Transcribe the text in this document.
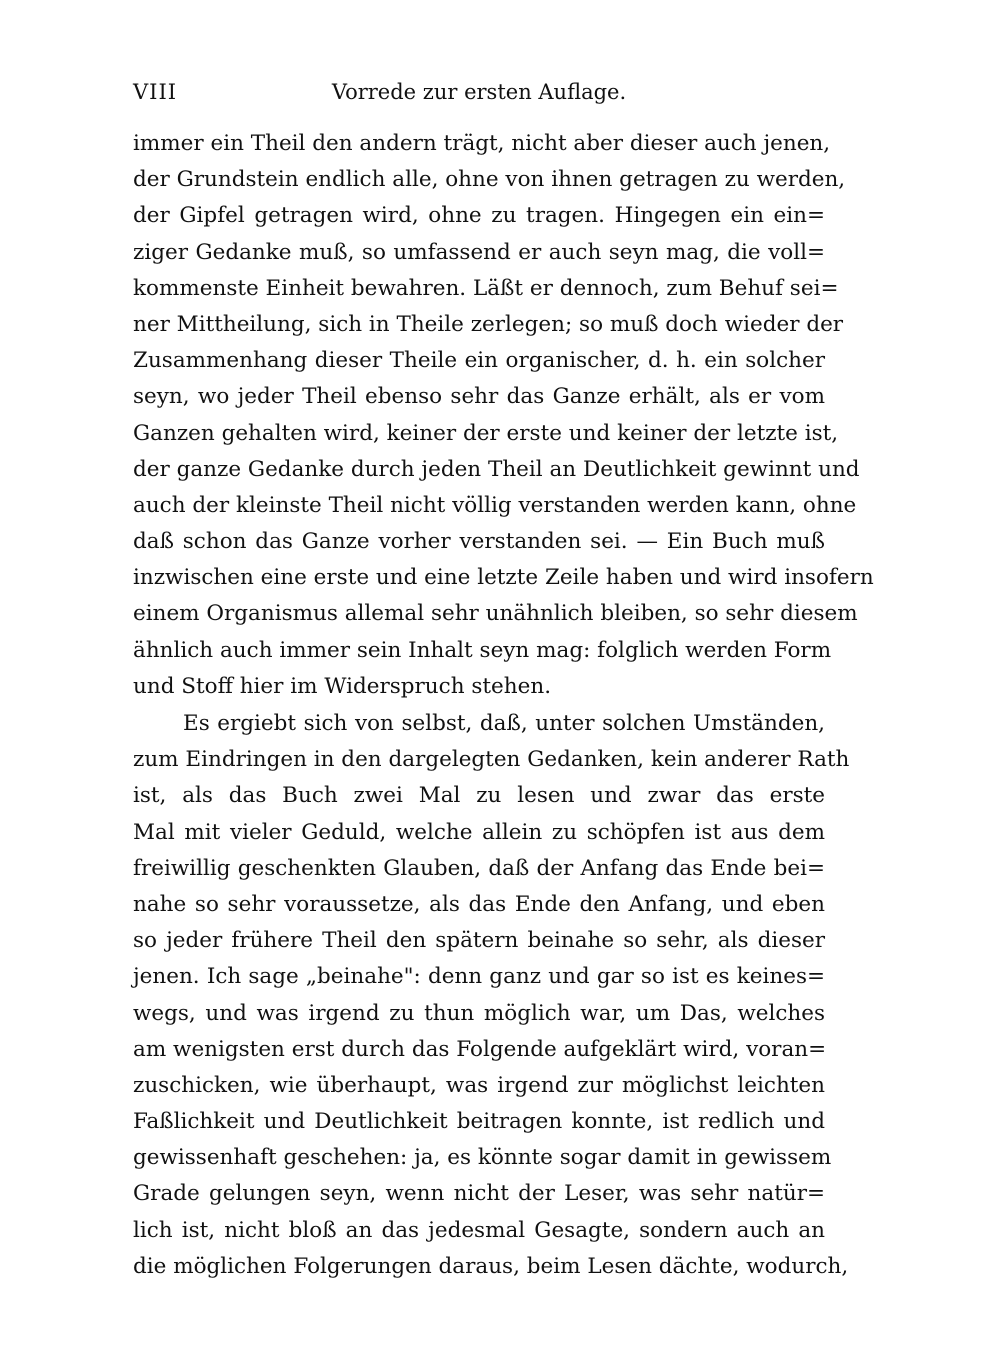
VIII	Vorrede zur ersten Auflage.
immer ein Theil den andern trägt, nicht aber dieser auch jenen,
der Grundstein endlich alle, ohne von ihnen getragen zu werden,
der Gipfel getragen wird, ohne zu tragen. Hingegen ein ein=
ziger Gedanke muß, so umfassend er auch seyn mag, die voll=
kommenste Einheit bewahren. Läßt er dennoch, zum Behuf sei=
ner Mittheilung, sich in Theile zerlegen; so muß doch wieder der
Zusammenhang dieser Theile ein organischer, d. h. ein solcher
seyn, wo jeder Theil ebenso sehr das Ganze erhält, als er vom
Ganzen gehalten wird, keiner der erste und keiner der letzte ist,
der ganze Gedanke durch jeden Theil an Deutlichkeit gewinnt und
auch der kleinste Theil nicht völlig verstanden werden kann, ohne
daß schon das Ganze vorher verstanden sei. — Ein Buch muß
inzwischen eine erste und eine letzte Zeile haben und wird insofern
einem Organismus allemal sehr unähnlich bleiben, so sehr diesem
ähnlich auch immer sein Inhalt seyn mag: folglich werden Form
und Stoff hier im Widerspruch stehen.
Es ergiebt sich von selbst, daß, unter solchen Umständen,
zum Eindringen in den dargelegten Gedanken, kein anderer Rath
ist, als das Buch zwei Mal zu lesen und zwar das erste
Mal mit vieler Geduld, welche allein zu schöpfen ist aus dem
freiwillig geschenkten Glauben, daß der Anfang das Ende bei=
nahe so sehr voraussetze, als das Ende den Anfang, und eben
so jeder frühere Theil den spätern beinahe so sehr, als dieser
jenen. Ich sage „beinahe": denn ganz und gar so ist es keines=
wegs, und was irgend zu thun möglich war, um Das, welches
am wenigsten erst durch das Folgende aufgeklärt wird, voran=
zuschicken, wie überhaupt, was irgend zur möglichst leichten
Faßlichkeit und Deutlichkeit beitragen konnte, ist redlich und
gewissenhaft geschehen: ja, es könnte sogar damit in gewissem
Grade gelungen seyn, wenn nicht der Leser, was sehr natür=
lich ist, nicht bloß an das jedesmal Gesagte, sondern auch an
die möglichen Folgerungen daraus, beim Lesen dächte, wodurch,
